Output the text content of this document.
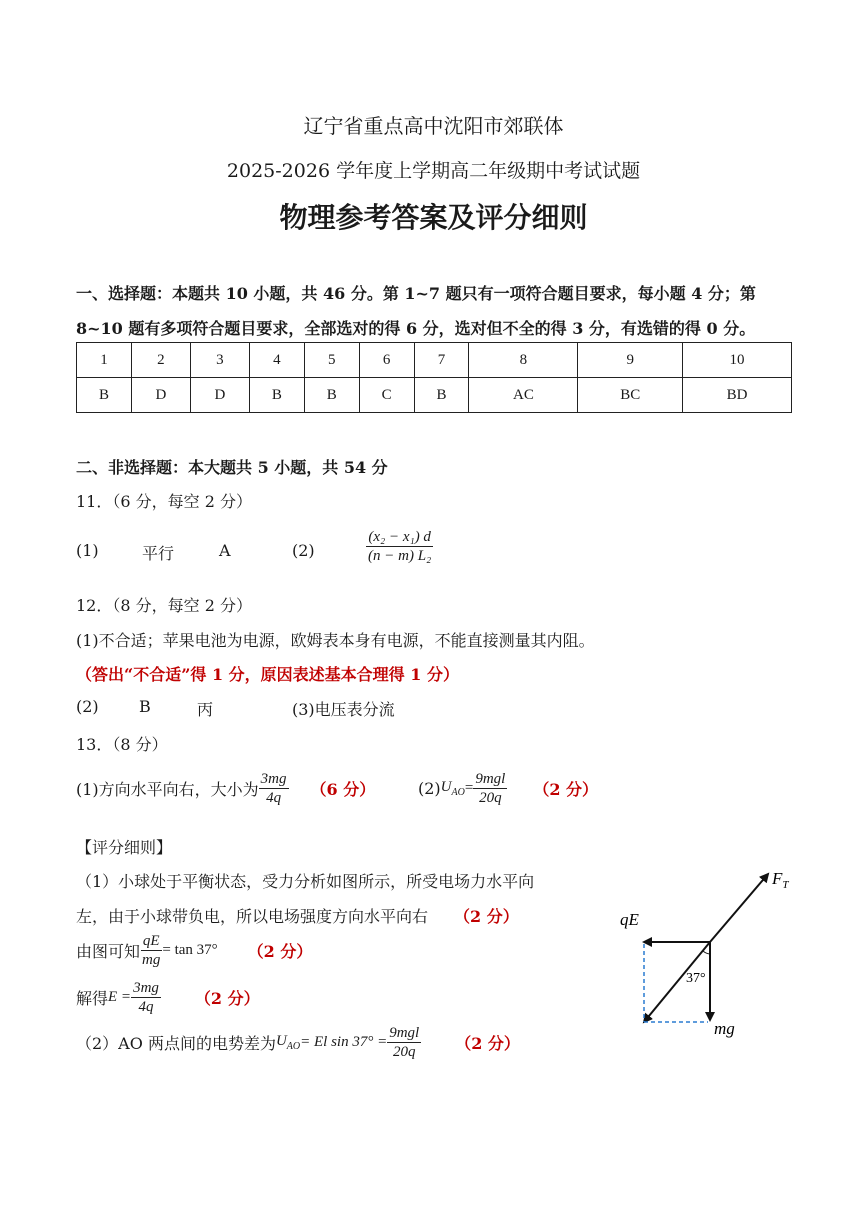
辽宁省重点高中沈阳市郊联体
2025-2026 学年度上学期高二年级期中考试试题
物理参考答案及评分细则
一、选择题：本题共 10 小题，共 46 分。第 1~7 题只有一项符合题目要求，每小题 4 分；第
8~10 题有多项符合题目要求，全部选对的得 6 分，选对但不全的得 3 分，有选错的得 0 分。
1	2	3	4	5	6	7	8	9	10
B	D	D	B	B	C	B	AC	BC	BD
二、非选择题：本大题共 5 小题，共 54 分
11．（6 分，每空 2 分）
(1)	平行	A	(2)	$\frac{\text{(x₂ − x₁) d}}{\text{(n − m) L₂}}$
12．（8 分，每空 2 分）
(1)不合适；苹果电池为电源，欧姆表本身有电源，不能直接测量其内阻。
（答出“不合适”得 1 分，原因表述基本合理得 1 分）
(2)	B	丙	(3)电压表分流
13．（8 分）
(1)方向水平向右，大小为 $\frac{3mg}{4q} (6$ 分）	(2) $U_{AO} = \frac{\text{9mgl}}{20q} (2$ 分）
【评分细则】
（1）小球处于平衡状态，受力分析如图所示，所受电场力水平向
左，由于小球带负电，所以电场强度方向水平向右 （2 分）
由图可知 $\frac{qE}{mg} = \tan 37^\circ$ （2 分）
解得 $E = \frac{3mg}{4q} (2$ 分）
（2）AO 两点间的电势差为 $U_{AO} = El$ $\sin 37^\circ = \frac{\text{9mgl}}{20q} (2$ 分）
37°
qE
$F_T$
mg
